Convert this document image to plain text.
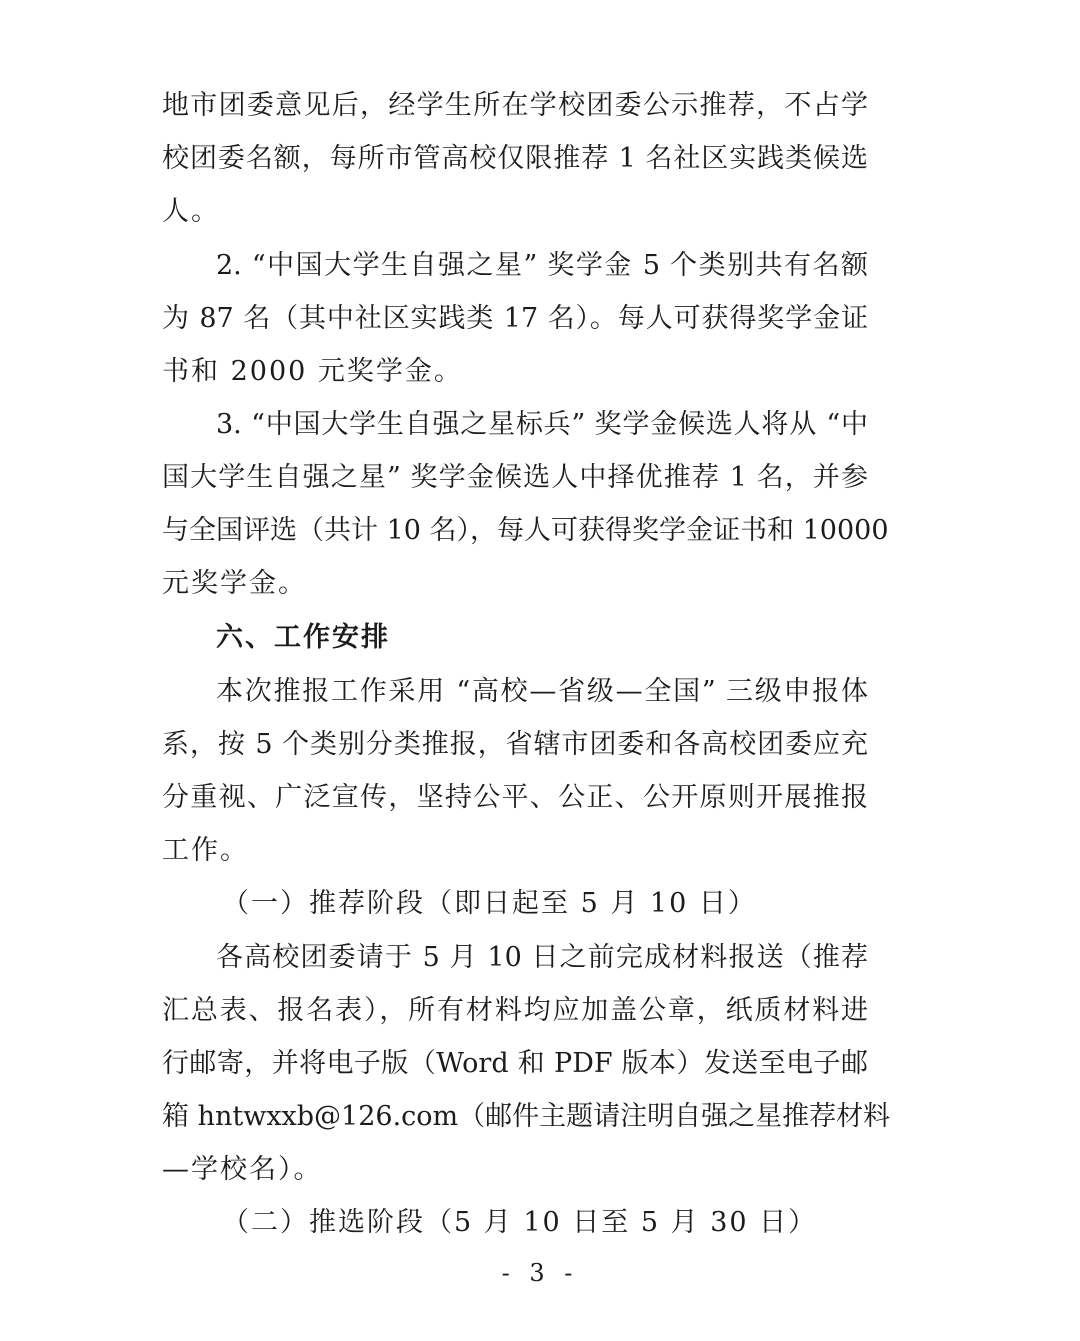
地市团委意见后，经学生所在学校团委公示推荐，不占学
校团委名额，每所市管高校仅限推荐 1 名社区实践类候选
人。
2. “中国大学生自强之星” 奖学金 5 个类别共有名额
为 87 名（其中社区实践类 17 名）。每人可获得奖学金证
书和 2000 元奖学金。
3. “中国大学生自强之星标兵” 奖学金候选人将从 “中
国大学生自强之星” 奖学金候选人中择优推荐 1 名，并参
与全国评选（共计 10 名），每人可获得奖学金证书和 10000
元奖学金。
六、工作安排
本次推报工作采用 “高校—省级—全国” 三级申报体
系，按 5 个类别分类推报，省辖市团委和各高校团委应充
分重视、广泛宣传，坚持公平、公正、公开原则开展推报
工作。
（一）推荐阶段（即日起至 5 月 10 日）
各高校团委请于 5 月 10 日之前完成材料报送（推荐
汇总表、报名表），所有材料均应加盖公章，纸质材料进
行邮寄，并将电子版（Word 和 PDF 版本）发送至电子邮
箱 hntwxxb@126.com（邮件主题请注明自强之星推荐材料
—学校名）。
（二）推选阶段（5 月 10 日至 5 月 30 日）
- 3 -
